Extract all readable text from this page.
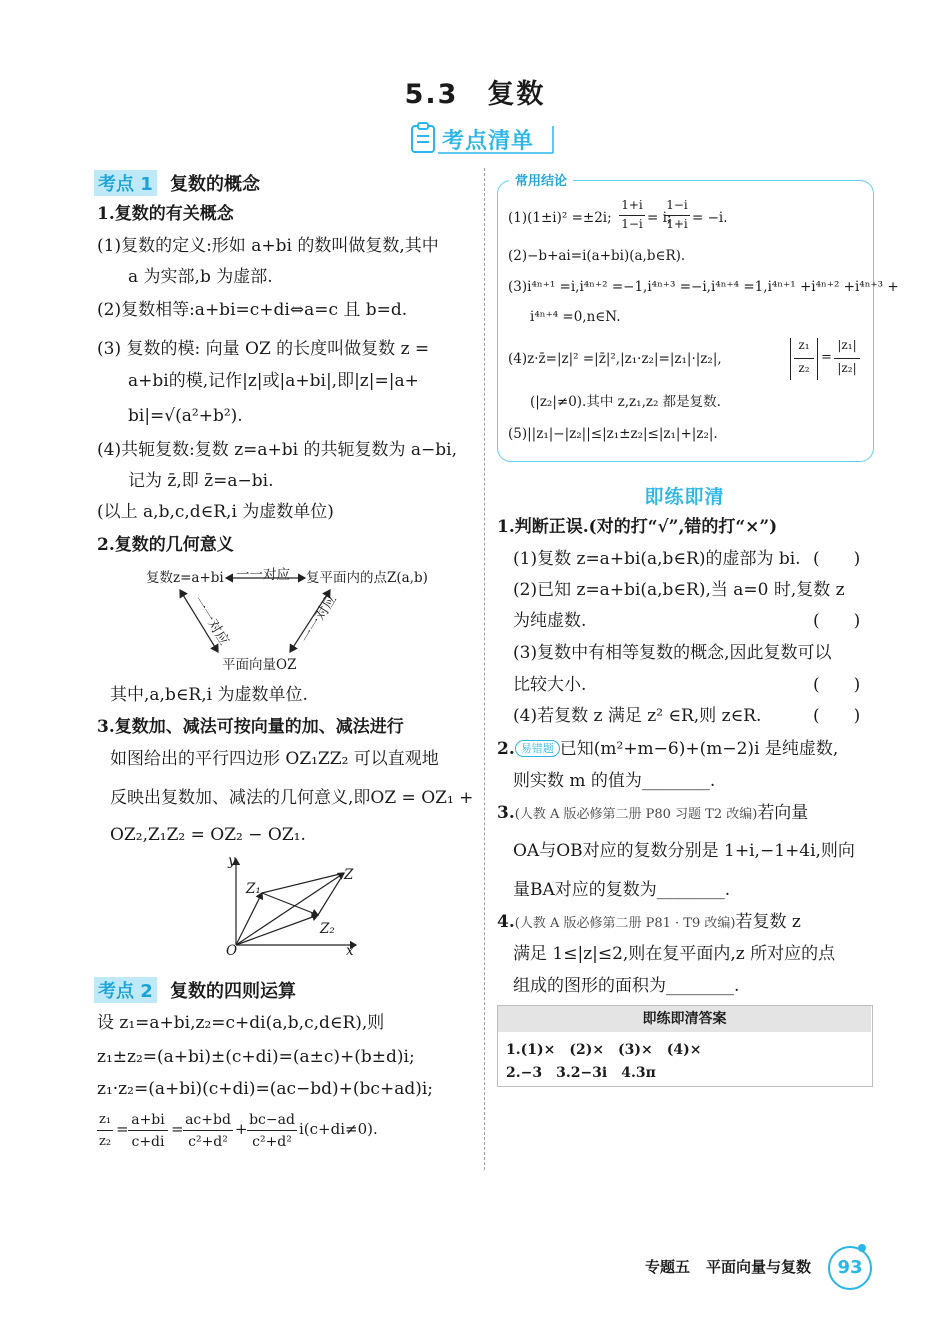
5.3　复数
考点清单
考点 1 复数的概念
1.复数的有关概念
(1)复数的定义:形如 a+bi 的数叫做复数,其中
a 为实部,b 为虚部.
(2)复数相等:a+bi=c+di⇔a=c 且 b=d.
(3) 复数的模: 向量 OZ 的长度叫做复数 z =
a+bi的模,记作|z|或|a+bi|,即|z|=|a+
bi|=√(a²+b²).
(4)共轭复数:复数 z=a+bi 的共轭复数为 a−bi,
记为 z̄,即 z̄=a−bi.
(以上 a,b,c,d∈R,i 为虚数单位)
2.复数的几何意义
复数z=a+bi 一一对应 复平面内的点Z(a,b)
平面向量OZ
一一对应	一一对应
其中,a,b∈R,i 为虚数单位.
3.复数加、减法可按向量的加、减法进行
如图给出的平行四边形 OZ₁ZZ₂ 可以直观地
反映出复数加、减法的几何意义,即OZ = OZ₁ +
OZ₂,Z₁Z₂ = OZ₂ − OZ₁.
y
x
O
Z
Z₁
Z₂
考点 2 复数的四则运算
设 z₁=a+bi,z₂=c+di(a,b,c,d∈R),则
z₁±z₂=(a+bi)±(c+di)=(a±c)+(b±d)i;
z₁·z₂=(a+bi)(c+di)=(ac−bd)+(bc+ad)i;
z₁
z₂
= a+bi
c+di
= ac+bd
c²+d²
+ bc−ad
c²+d²
i(c+di≠0).
常用结论
(1)(1±i)² =±2i;
1+i
1−i = i;
1−i
1+i = −i.
(2)−b+ai=i(a+bi)(a,b∈R).
(3)i⁴ⁿ⁺¹ =i,i⁴ⁿ⁺² =−1,i⁴ⁿ⁺³ =−i,i⁴ⁿ⁺⁴ =1,i⁴ⁿ⁺¹ +i⁴ⁿ⁺² +i⁴ⁿ⁺³ +
i⁴ⁿ⁺⁴ =0,n∈N.
(4)z·z̄=|z|² =|z̄|²,|z₁·z₂|=|z₁|·|z₂|,
z₁
z₂
=
|z₁|
|z₂|
(|z₂|≠0).其中 z,z₁,z₂ 都是复数.
(5)||z₁|−|z₂||≤|z₁±z₂|≤|z₁|+|z₂|.
即练即清
1.判断正误.(对的打“√”,错的打“×”)
(1)复数 z=a+bi(a,b∈R)的虚部为 bi. (　　)
(2)已知 z=a+bi(a,b∈R),当 a=0 时,复数 z
为纯虚数.	(　　)
(3)复数中有相等复数的概念,因此复数可以
比较大小.	(　　)
(4)若复数 z 满足 z² ∈R,则 z∈R.	(　　)
2. 易错题 已知(m²+m−6)+(m−2)i 是纯虚数,
则实数 m 的值为________.
3.(人教 A 版必修第二册 P80 习题 T2 改编)若向量
OA与OB对应的复数分别是 1+i,−1+4i,则向
量BA对应的复数为________.
4.(人教 A 版必修第二册 P81 · T9 改编)若复数 z
满足 1≤|z|≤2,则在复平面内,z 所对应的点
组成的图形的面积为________.
即练即清答案
1.(1)×　(2)×　(3)×　(4)×
2.−3　3.2−3i　4.3π
专题五 平面向量与复数	93
